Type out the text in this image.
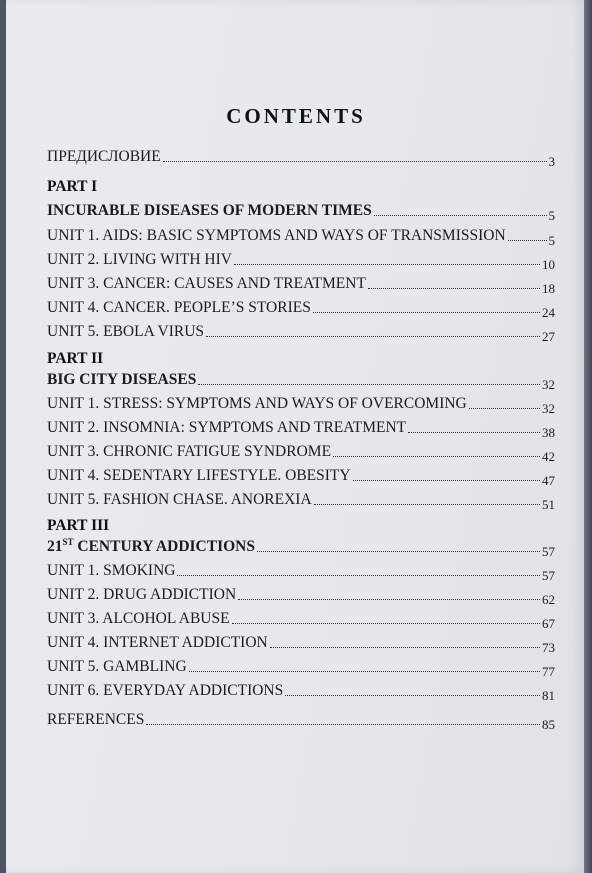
CONTENTS
ПРЕДИСЛОВИЕ	3
PART I
INCURABLE DISEASES OF MODERN TIMES	5
UNIT 1. AIDS: BASIC SYMPTOMS AND WAYS OF TRANSMISSION	5
UNIT 2. LIVING WITH HIV	10
UNIT 3. CANCER: CAUSES AND TREATMENT	18
UNIT 4. CANCER. PEOPLE’S STORIES	24
UNIT 5. EBOLA VIRUS	27
PART II
BIG CITY DISEASES	32
UNIT 1. STRESS: SYMPTOMS AND WAYS OF OVERCOMING	32
UNIT 2. INSOMNIA: SYMPTOMS AND TREATMENT	38
UNIT 3. CHRONIC FATIGUE SYNDROME	42
UNIT 4. SEDENTARY LIFESTYLE. OBESITY	47
UNIT 5. FASHION CHASE. ANOREXIA	51
PART III
21ST CENTURY ADDICTIONS	57
UNIT 1. SMOKING	57
UNIT 2. DRUG ADDICTION	62
UNIT 3. ALCOHOL ABUSE	67
UNIT 4. INTERNET ADDICTION	73
UNIT 5. GAMBLING	77
UNIT 6. EVERYDAY ADDICTIONS	81
REFERENCES	85
